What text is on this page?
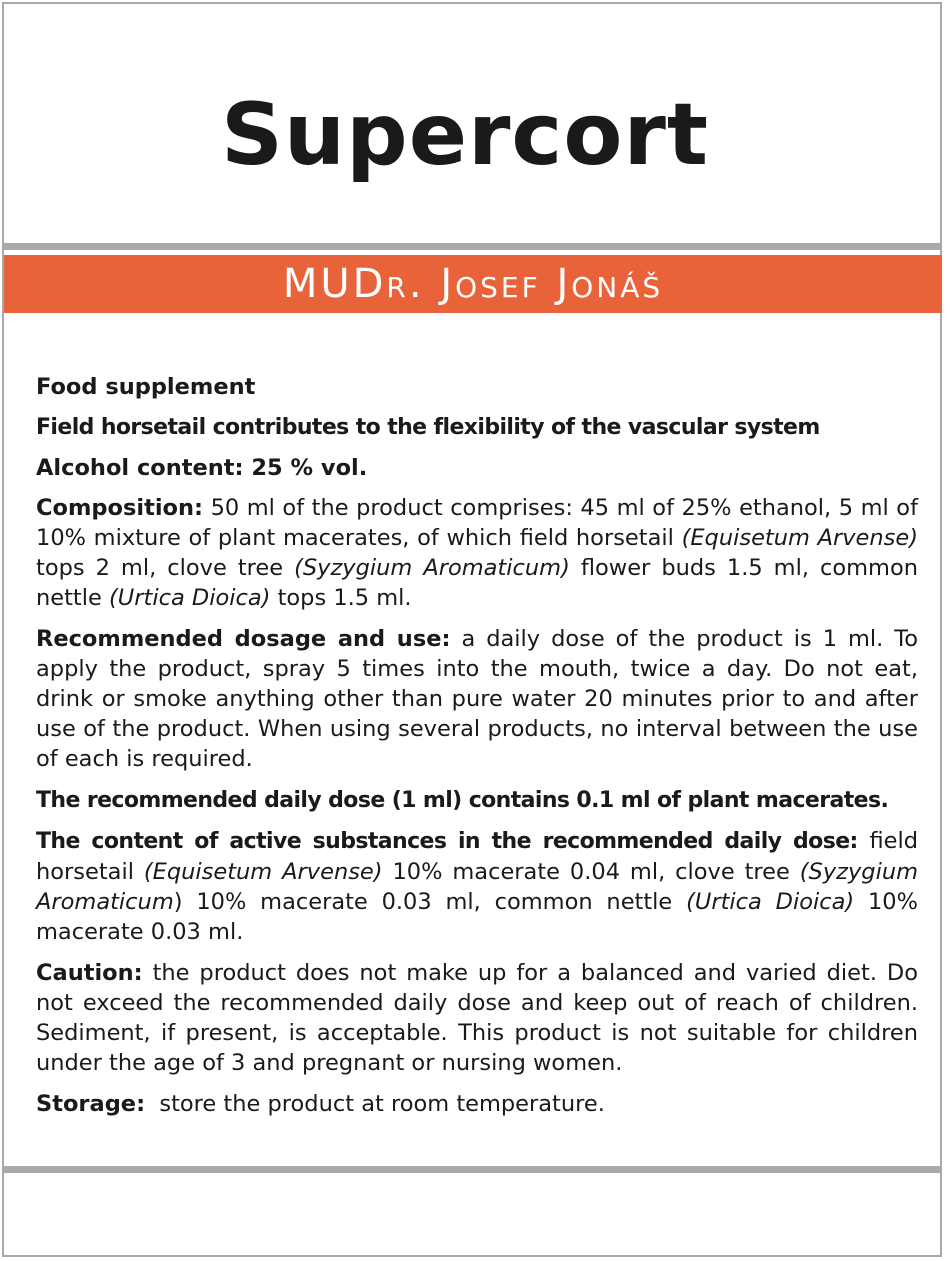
Supercort
MUDr. Josef Jonáš

Food supplement

Field horsetail contributes to the flexibility of the vascular system

Alcohol content: 25 % vol.

Composition: 50 ml of the product comprises: 45 ml of 25% ethanol, 5 ml of 10% mixture of plant macerates, of which field horsetail (Equisetum Arvense) tops 2 ml, clove tree (Syzygium Aromaticum) flower buds 1.5 ml, common nettle (Urtica Dioica) tops 1.5 ml.

Recommended dosage and use: a daily dose of the product is 1 ml. To apply the product, spray 5 times into the mouth, twice a day. Do not eat, drink or smoke anything other than pure water 20 minutes prior to and after use of the product. When using several products, no interval between the use of each is required.

The recommended daily dose (1 ml) contains 0.1 ml of plant macerates.

The content of active substances in the recommended daily dose: field horsetail (Equisetum Arvense) 10% macerate 0.04 ml, clove tree (Syzygium Aromaticum) 10% macerate 0.03 ml, common nettle (Urtica Dioica) 10% macerate 0.03 ml.

Caution: the product does not make up for a balanced and varied diet. Do not exceed the recommended daily dose and keep out of reach of children. Sediment, if present, is acceptable. This product is not suitable for children under the age of 3 and pregnant or nursing women.

Storage:  store the product at room temperature.
